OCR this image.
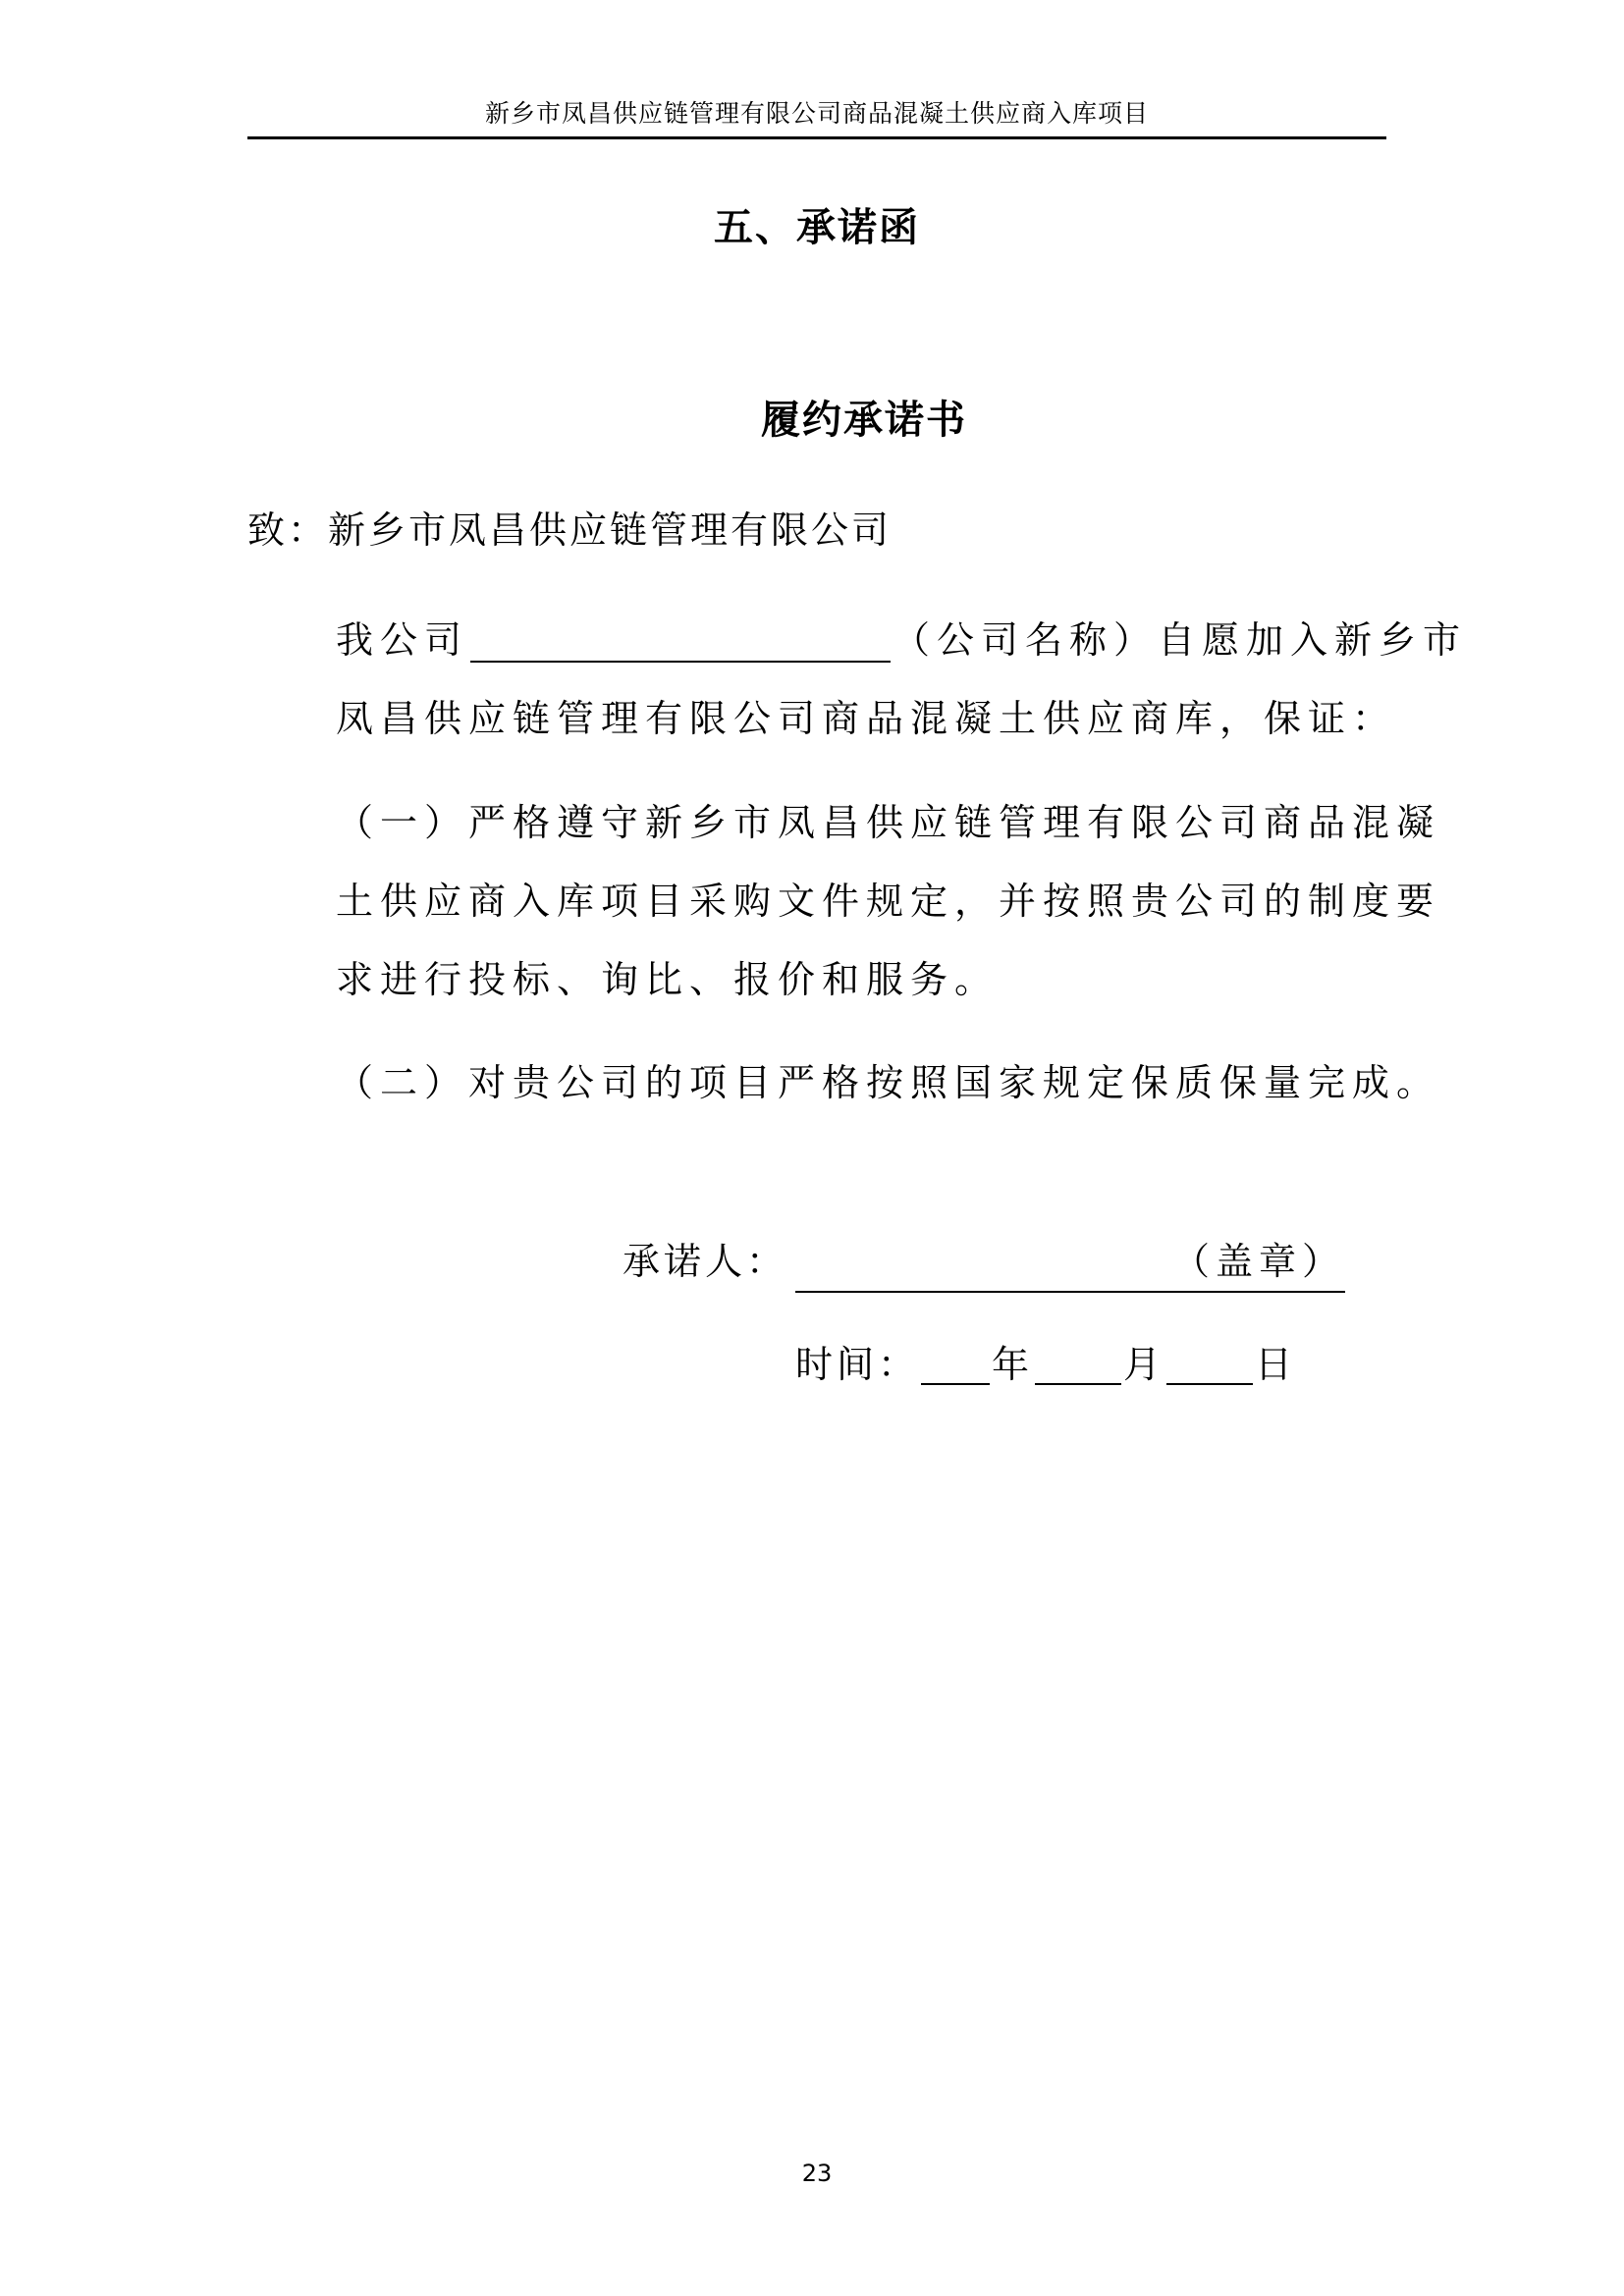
新乡市凤昌供应链管理有限公司商品混凝土供应商入库项目
五、承诺函
履约承诺书
致：新乡市凤昌供应链管理有限公司
我公司	（公司名称）自愿加入新乡市凤昌供应链管理有限公司商品混凝土供应商库，保证：
（一）严格遵守新乡市凤昌供应链管理有限公司商品混凝土供应商入库项目采购文件规定，并按照贵公司的制度要求进行投标、询比、报价和服务。
（二）对贵公司的项目严格按照国家规定保质保量完成。
承诺人：	（盖章）
时间： 年 月 日
23
